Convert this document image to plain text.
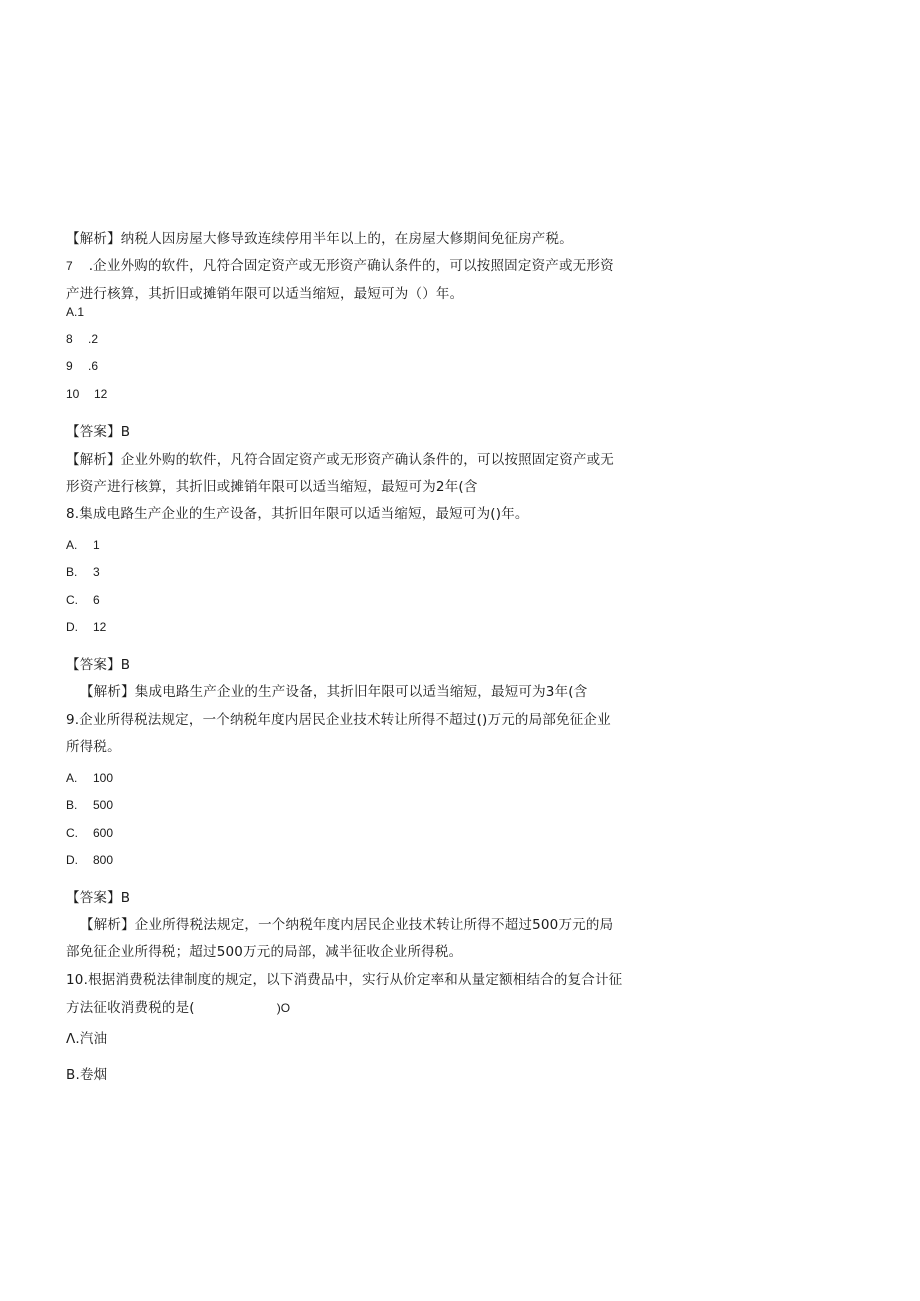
【解析】纳税人因房屋大修导致连续停用半年以上的，在房屋大修期间免征房产税。
7 .企业外购的软件，凡符合固定资产或无形资产确认条件的，可以按照固定资产或无形资
产进行核算，其折旧或摊销年限可以适当缩短，最短可为（）年。
A.1
8 .2
9 .6
10 12
【答案】B
【解析】企业外购的软件，凡符合固定资产或无形资产确认条件的，可以按照固定资产或无
形资产进行核算，其折旧或摊销年限可以适当缩短，最短可为2年(含
8.集成电路生产企业的生产设备，其折旧年限可以适当缩短，最短可为()年。
A. 1
B. 3
C. 6
D. 12
【答案】B
【解析】集成电路生产企业的生产设备，其折旧年限可以适当缩短，最短可为3年(含
9.企业所得税法规定，一个纳税年度内居民企业技术转让所得不超过()万元的局部免征企业
所得税。
A. 100
B. 500
C. 600
D. 800
【答案】B
【解析】企业所得税法规定，一个纳税年度内居民企业技术转让所得不超过500万元的局
部免征企业所得税；超过500万元的局部，减半征收企业所得税。
10.根据消费税法律制度的规定，以下消费品中，实行从价定率和从量定额相结合的复合计征
方法征收消费税的是(	)O
Λ.汽油
B.卷烟
